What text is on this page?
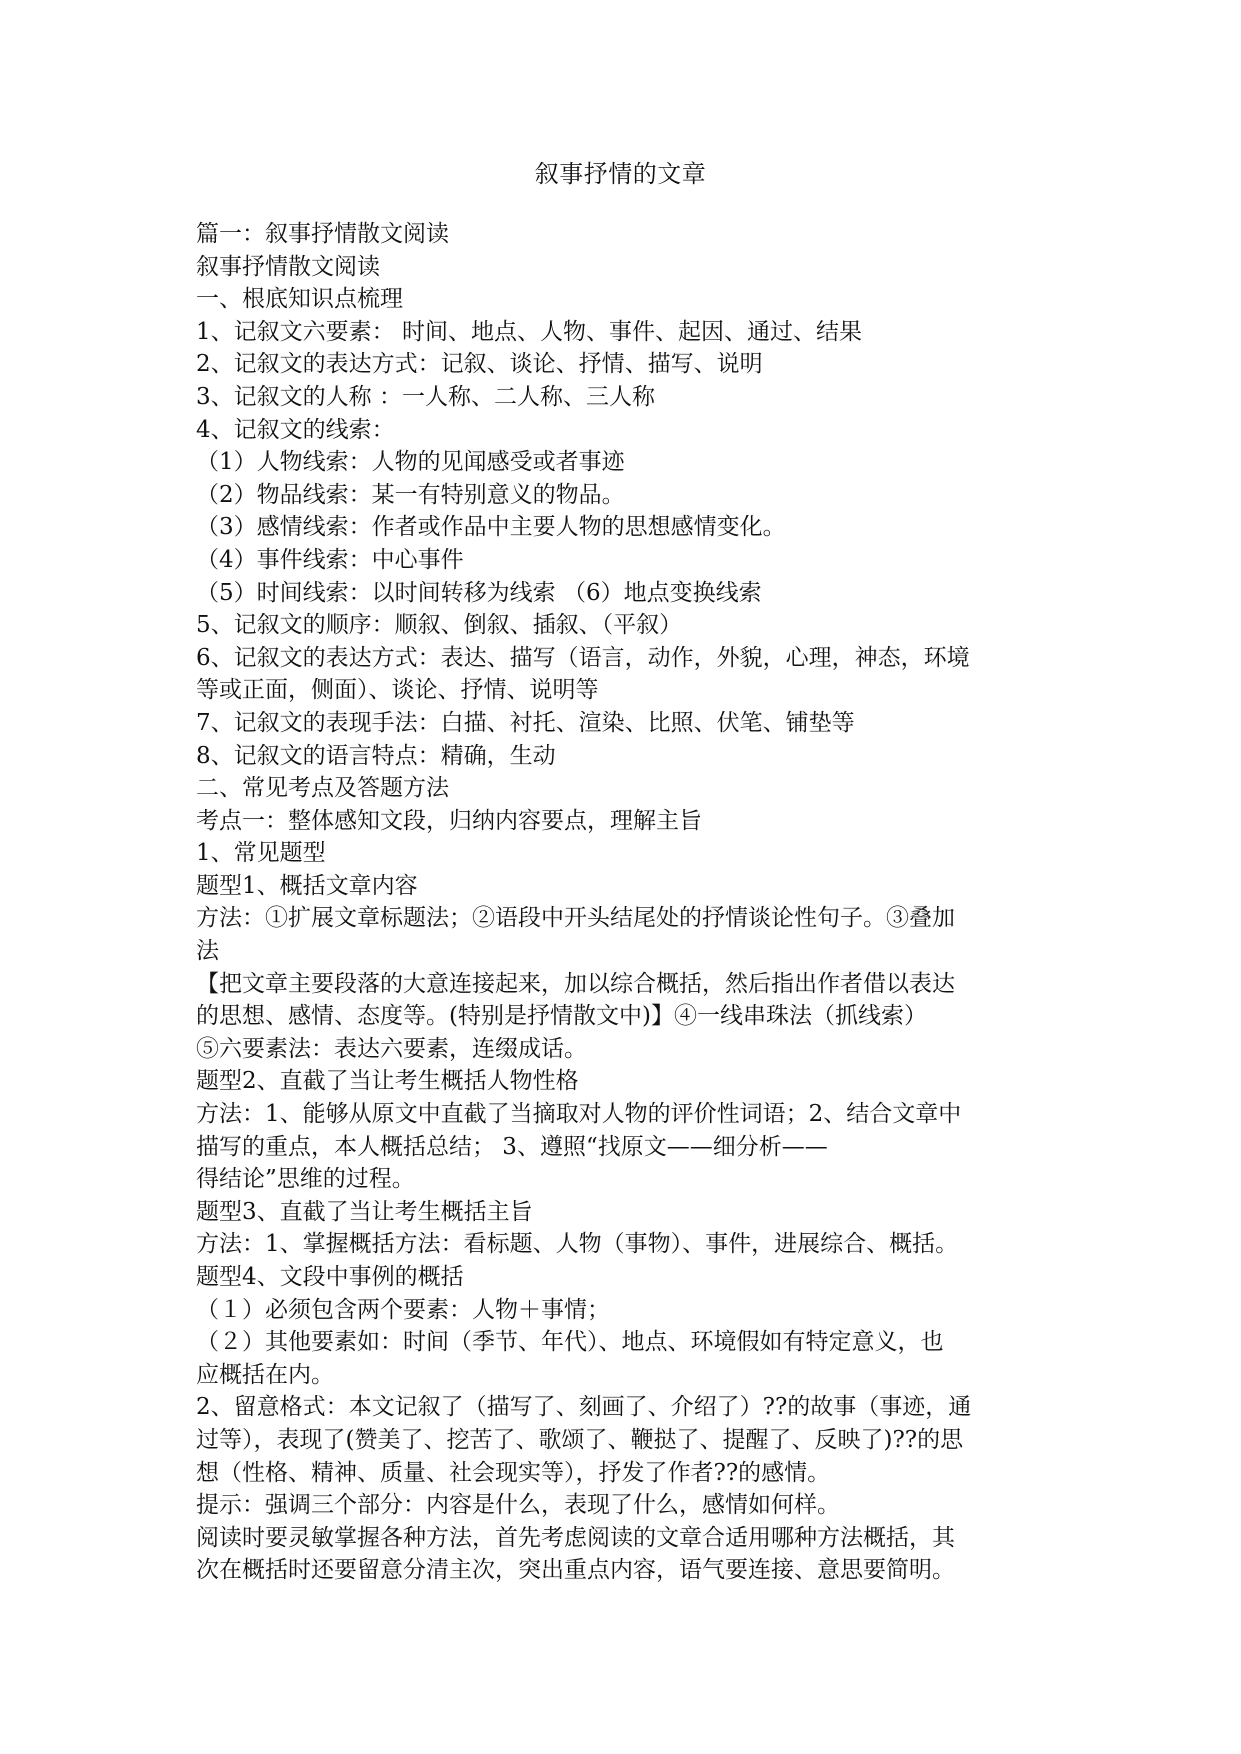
叙事抒情的文章
篇一：叙事抒情散文阅读
叙事抒情散文阅读
一、根底知识点梳理
1、记叙文六要素： 时间、地点、人物、事件、起因、通过、结果
2、记叙文的表达方式：记叙、谈论、抒情、描写、说明
3、记叙文的人称 ：一人称、二人称、三人称
4、记叙文的线索：
（1）人物线索：人物的见闻感受或者事迹
（2）物品线索：某一有特别意义的物品。
（3）感情线索：作者或作品中主要人物的思想感情变化。
（4）事件线索：中心事件
（5）时间线索：以时间转移为线索 （6）地点变换线索
5、记叙文的顺序：顺叙、倒叙、插叙、（平叙）
6、记叙文的表达方式：表达、描写（语言，动作，外貌，心理，神态，环境
等或正面，侧面）、谈论、抒情、说明等
7、记叙文的表现手法：白描、衬托、渲染、比照、伏笔、铺垫等
8、记叙文的语言特点：精确，生动
二、常见考点及答题方法
考点一：整体感知文段，归纳内容要点，理解主旨
1、常见题型
题型1、概括文章内容
方法：①扩展文章标题法；②语段中开头结尾处的抒情谈论性句子。③叠加
法
【把文章主要段落的大意连接起来，加以综合概括，然后指出作者借以表达
的思想、感情、态度等。(特别是抒情散文中)】④一线串珠法（抓线索）
⑤六要素法：表达六要素，连缀成话。
题型2、直截了当让考生概括人物性格
方法：1、能够从原文中直截了当摘取对人物的评价性词语；2、结合文章中
描写的重点，本人概括总结； 3、遵照“找原文——细分析——
得结论”思维的过程。
题型3、直截了当让考生概括主旨
方法：1、掌握概括方法：看标题、人物（事物）、事件，进展综合、概括。
题型4、文段中事例的概括
（１）必须包含两个要素：人物＋事情；
（２）其他要素如：时间（季节、年代）、地点、环境假如有特定意义，也
应概括在内。
2、留意格式：本文记叙了（描写了、刻画了、介绍了）??的故事（事迹，通
过等），表现了(赞美了、挖苦了、歌颂了、鞭挞了、提醒了、反映了)??的思
想（性格、精神、质量、社会现实等），抒发了作者??的感情。
提示：强调三个部分：内容是什么，表现了什么，感情如何样。
阅读时要灵敏掌握各种方法，首先考虑阅读的文章合适用哪种方法概括，其
次在概括时还要留意分清主次，突出重点内容，语气要连接、意思要简明。
